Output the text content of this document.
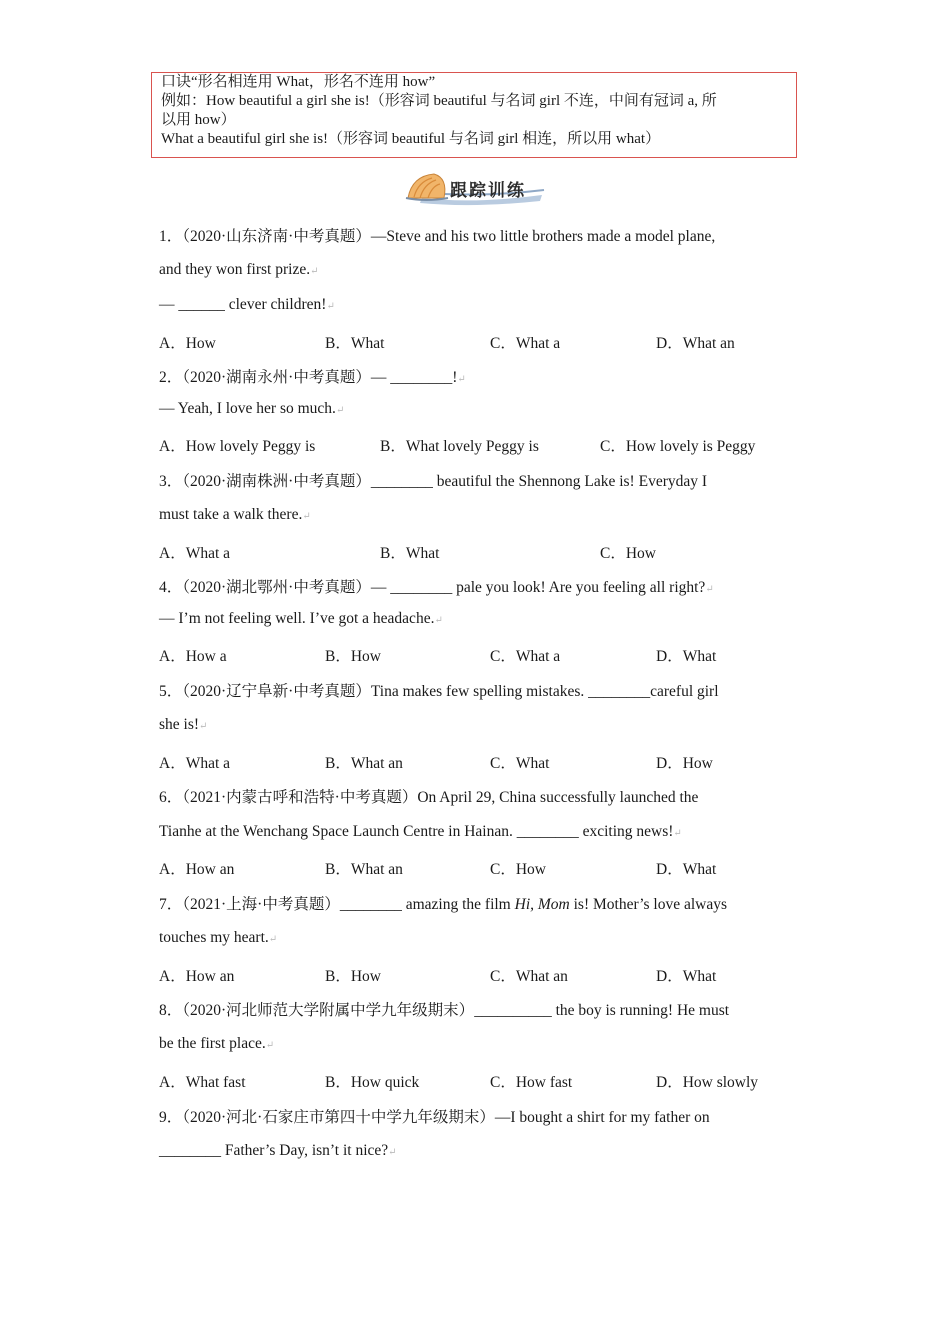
口诀“形名相连用 What，形名不连用 how”

例如：How beautiful a girl she is!（形容词 beautiful 与名词 girl 不连，中间有冠词 a, 所

以用 how）

What a beautiful girl she is!（形容词 beautiful 与名词 girl 相连，所以用 what）

跟踪训练
1．（2020·山东济南·中考真题）—Steve and his two little brothers made a model plane,
and they won first prize.↵
— ______ clever children!↵
A．How	B．What	C．What a	D．What an
2．（2020·湖南永州·中考真题）— ________!↵
— Yeah, I love her so much.↵
A．How lovely Peggy is	B．What lovely Peggy is	C．How lovely is Peggy
3．（2020·湖南株洲·中考真题）________ beautiful the Shennong Lake is! Everyday I
must take a walk there.↵
A．What a	B．What	C．How
4．（2020·湖北鄂州·中考真题）— ________ pale you look! Are you feeling all right?↵
— I’m not feeling well. I’ve got a headache.↵
A．How a	B．How	C．What a	D．What
5．（2020·辽宁阜新·中考真题）Tina makes few spelling mistakes. ________careful girl
she is!↵
A．What a	B．What an	C．What	D．How
6．（2021·内蒙古呼和浩特·中考真题）On April 29, China successfully launched the
Tianhe at the Wenchang Space Launch Centre in Hainan. ________ exciting news!↵
A．How an	B．What an	C．How	D．What
7．（2021·上海·中考真题）________ amazing the film Hi, Mom is! Mother’s love always
touches my heart.↵
A．How an	B．How	C．What an	D．What
8．（2020·河北师范大学附属中学九年级期末）__________ the boy is running! He must
be the first place.↵
A．What fast	B．How quick	C．How fast	D．How slowly
9．（2020·河北·石家庄市第四十中学九年级期末）—I bought a shirt for my father on
________ Father’s Day, isn’t it nice?↵
